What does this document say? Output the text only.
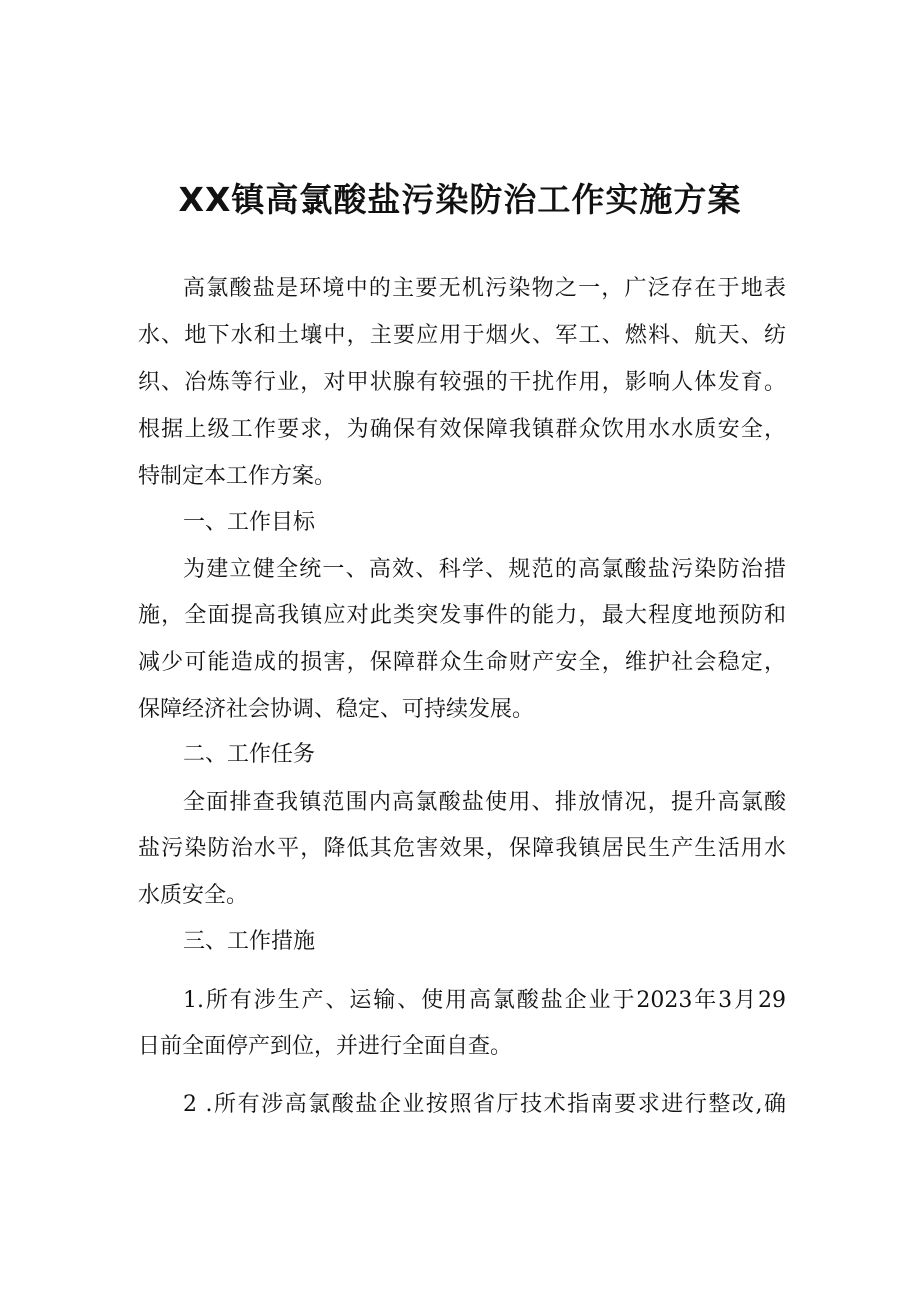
XX镇高氯酸盐污染防治工作实施方案
高氯酸盐是环境中的主要无机污染物之一，广泛存在于地表
水、地下水和土壤中，主要应用于烟火、军工、燃料、航天、纺
织、冶炼等行业，对甲状腺有较强的干扰作用，影响人体发育。
根据上级工作要求，为确保有效保障我镇群众饮用水水质安全，
特制定本工作方案。
一、工作目标
为建立健全统一、高效、科学、规范的高氯酸盐污染防治措
施，全面提高我镇应对此类突发事件的能力，最大程度地预防和
减少可能造成的损害，保障群众生命财产安全，维护社会稳定，
保障经济社会协调、稳定、可持续发展。
二、工作任务
全面排查我镇范围内高氯酸盐使用、排放情况，提升高氯酸
盐污染防治水平，降低其危害效果，保障我镇居民生产生活用水
水质安全。
三、工作措施
1.所有涉生产、运输、使用高氯酸盐企业于2023年3月29
日前全面停产到位，并进行全面自查。
2 .所有涉高氯酸盐企业按照省厅技术指南要求进行整改,确
